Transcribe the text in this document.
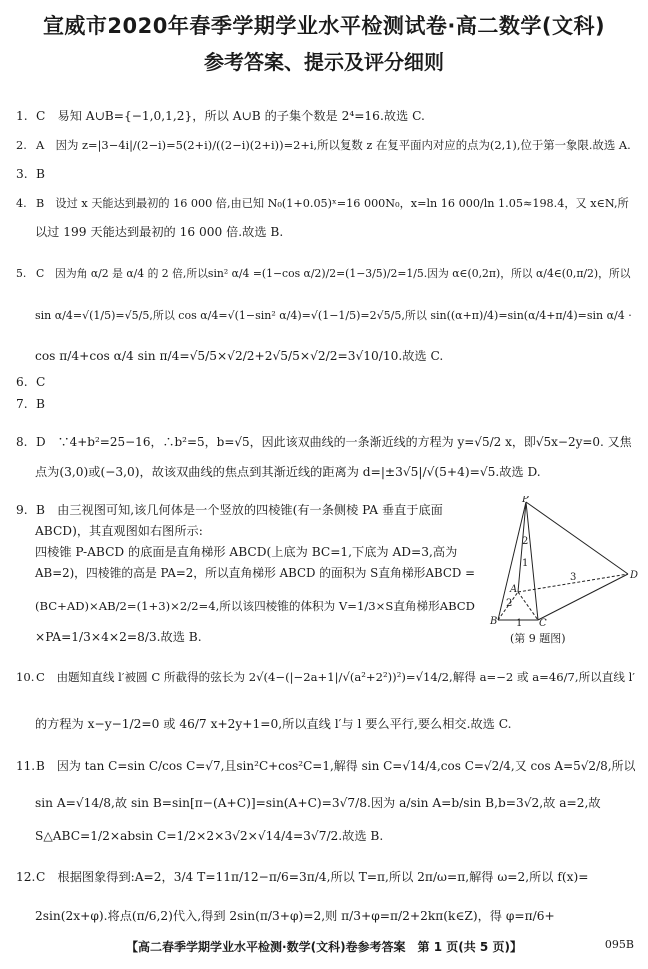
宣威市2020年春季学期学业水平检测试卷·高二数学(文科)
参考答案、提示及评分细则
1. C　易知 A∪B={−1,0,1,2}，所以 A∪B 的子集个数是 2⁴=16.故选 C.
2. A　因为 z=|3−4i|/(2−i)=5(2+i)/((2−i)(2+i))=2+i,所以复数 z 在复平面内对应的点为(2,1),位于第一象限.故选 A.
3. B
4. B　设过 x 天能达到最初的 16 000 倍,由已知 N₀(1+0.05)ˣ=16 000N₀，x=ln 16 000/ln 1.05≈198.4，又 x∈N,所
以过 199 天能达到最初的 16 000 倍.故选 B.
5. C　因为角 α/2 是 α/4 的 2 倍,所以sin² α/4 =(1−cos α/2)/2=(1−3/5)/2=1/5.因为 α∈(0,2π)，所以 α/4∈(0,π/2)，所以
sin α/4=√(1/5)=√5/5,所以 cos α/4=√(1−sin² α/4)=√(1−1/5)=2√5/5,所以 sin((α+π)/4)=sin(α/4+π/4)=sin α/4 ·
cos π/4+cos α/4 sin π/4=√5/5×√2/2+2√5/5×√2/2=3√10/10.故选 C.
6. C
7. B
8. D　∵4+b²=25−16，∴b²=5，b=√5，因此该双曲线的一条渐近线的方程为 y=√5/2 x，即√5x−2y=0. 又焦
点为(3,0)或(−3,0)，故该双曲线的焦点到其渐近线的距离为 d=|±3√5|/√(5+4)=√5.故选 D.
9. B　由三视图可知,该几何体是一个竖放的四棱锥(有一条侧棱 PA 垂直于底面
ABCD)，其直观图如右图所示:
四棱锥 P-ABCD 的底面是直角梯形 ABCD(上底为 BC=1,下底为 AD=3,高为
AB=2)，四棱锥的高是 PA=2，所以直角梯形 ABCD 的面积为 S直角梯形ABCD =
(BC+AD)×AB/2=(1+3)×2/2=4,所以该四棱锥的体积为 V=1/3×S直角梯形ABCD
×PA=1/3×4×2=8/3.故选 B.
10. C　由题知直线 l′被圆 C 所截得的弦长为 2√(4−(|−2a+1|/√(a²+2²))²)=√14/2,解得 a=−2 或 a=46/7,所以直线 l′
的方程为 x−y−1/2=0 或 46/7 x+2y+1=0,所以直线 l′与 l 要么平行,要么相交.故选 C.
11.B　因为 tan C=sin C/cos C=√7,且sin²C+cos²C=1,解得 sin C=√14/4,cos C=√2/4,又 cos A=5√2/8,所以
sin A=√14/8,故 sin B=sin[π−(A+C)]=sin(A+C)=3√7/8.因为 a/sin A=b/sin B,b=3√2,故 a=2,故
S△ABC=1/2×absin C=1/2×2×3√2×√14/4=3√7/2.故选 B.
12.C　根据图象得到:A=2，3/4 T=11π/12−π/6=3π/4,所以 T=π,所以 2π/ω=π,解得 ω=2,所以 f(x)=
2sin(2x+φ).将点(π/6,2)代入,得到 2sin(π/3+φ)=2,则 π/3+φ=π/2+2kπ(k∈Z)，得 φ=π/6+
P
A
B	C
D
2
1
2
1
3
(第 9 题图)
【高二春季学期学业水平检测·数学(文科)卷参考答案　第 1 页(共 5 页)】	095B
